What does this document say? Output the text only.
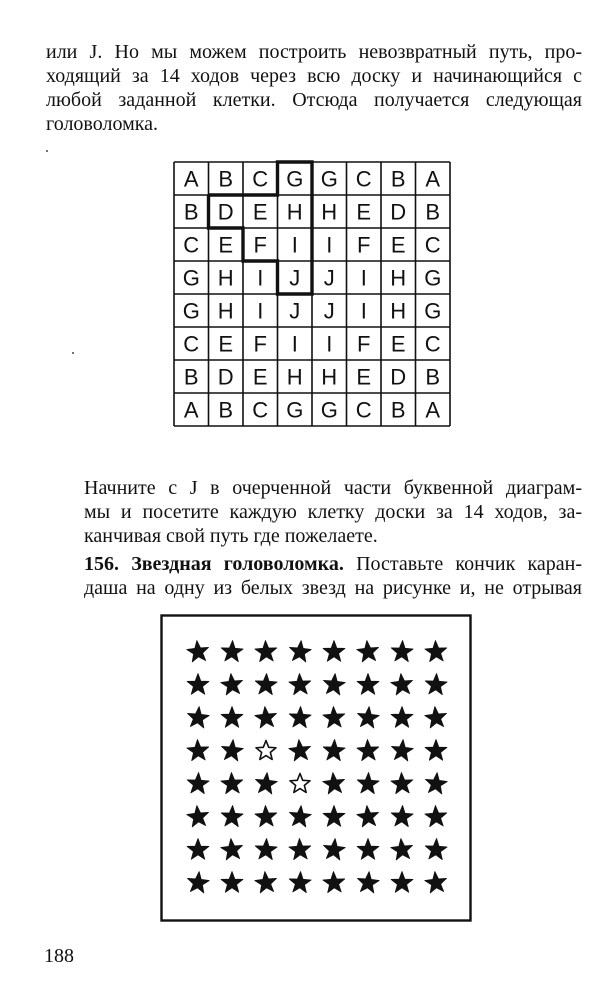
или J. Но мы можем построить невозвратный путь, про-
ходящий за 14 ходов через всю доску и начинающийся с
любой заданной клетки. Отсюда получается следующая
головоломка.
A B C G G C B A
B D E H H E D B
C E F I I F E C
G H I J J I H G
G H I J J I H G
C E F I I F E C
B D E H H E D B
A B C G G C B A
Начните с J в очерченной части буквенной диаграм-
мы и посетите каждую клетку доски за 14 ходов, за-
канчивая свой путь где пожелаете.
156. Звездная головоломка. Поставьте кончик каран-
даша на одну из белых звезд на рисунке и, не отрывая
188
